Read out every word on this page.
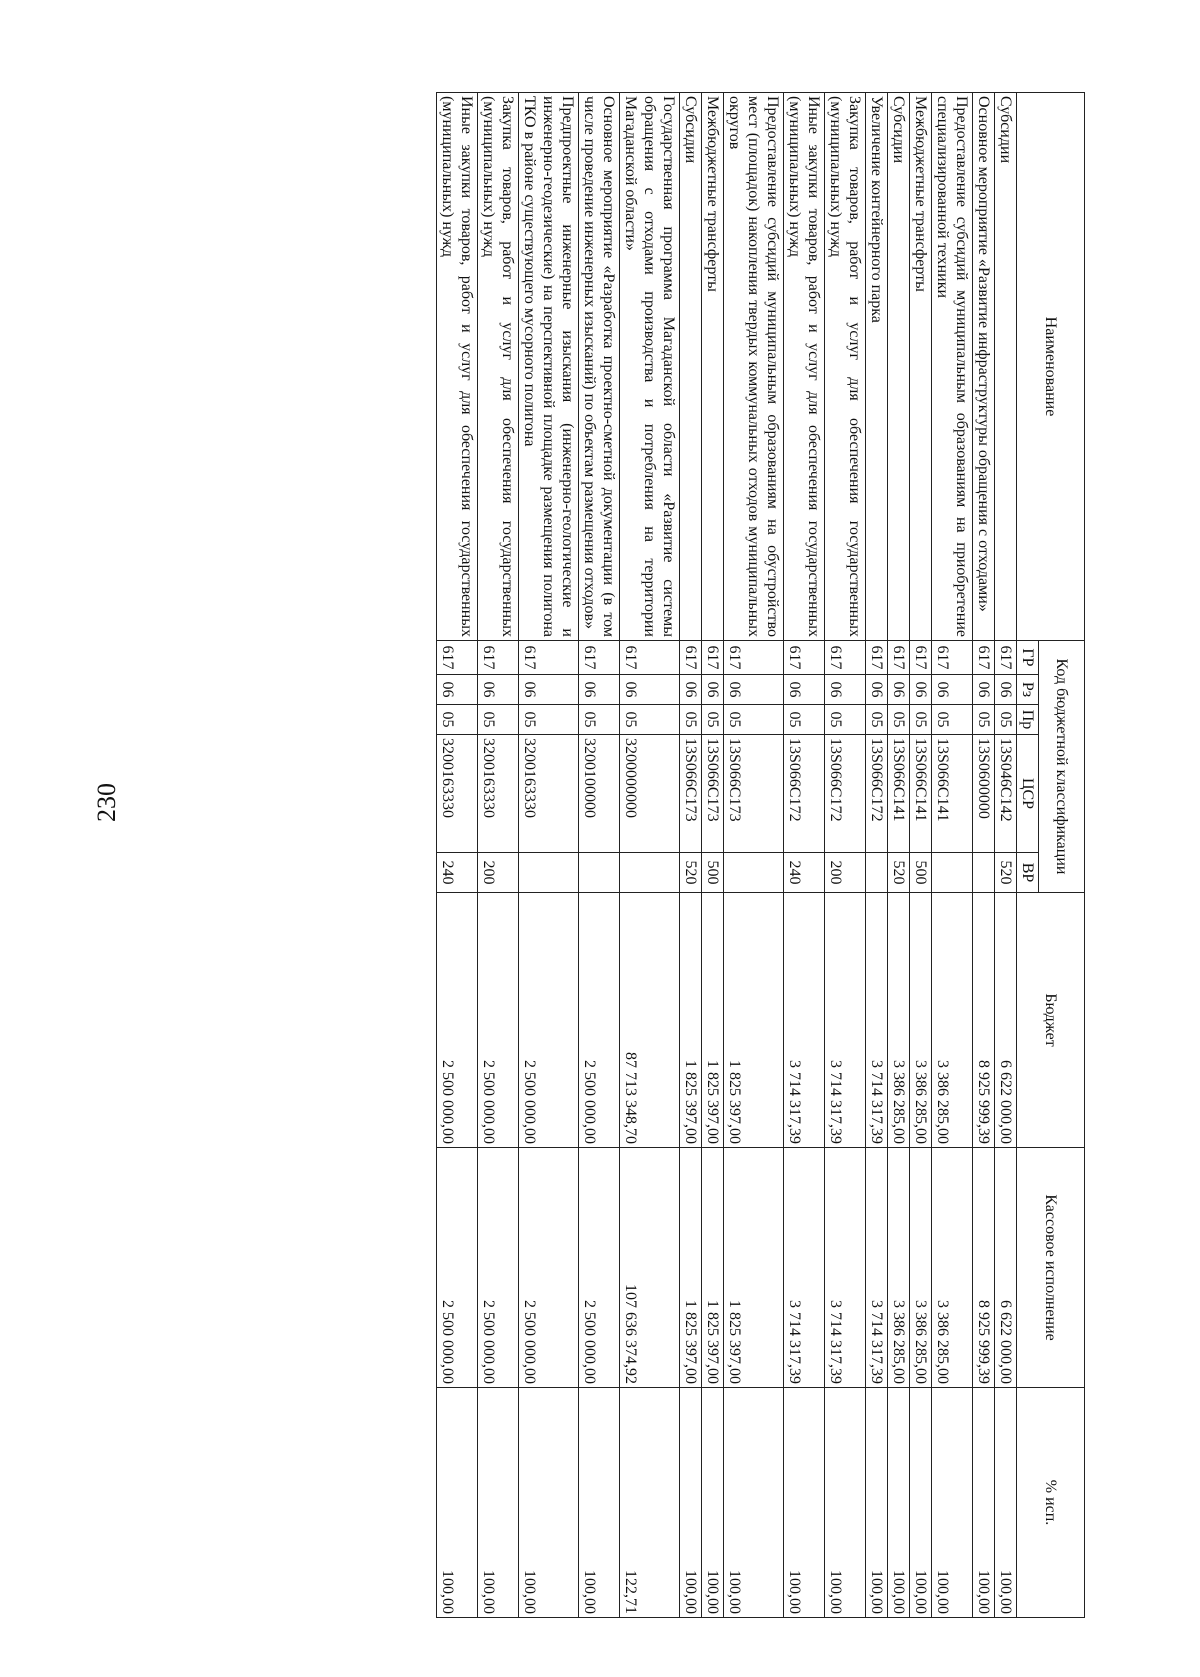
230
Наименование	Код бюджетной классификации					Бюджет	Кассовое исполнение	% исп.
	ГР	Рз	Пр	ЦСР	ВР			
Субсидии	617	06	05	13S046С142	520	6 622 000,00	6 622 000,00	100,00
Основное мероприятие «Развитие инфраструктуры обращения с отходами»	617	06	05	13S0600000		8 925 999,39	8 925 999,39	100,00
Предоставление субсидий муниципальным образованиям на приобретение специализированной техники	617	06	05	13S066С141		3 386 285,00	3 386 285,00	100,00
Межбюджетные трансферты	617	06	05	13S066С141	500	3 386 285,00	3 386 285,00	100,00
Субсидии	617	06	05	13S066С141	520	3 386 285,00	3 386 285,00	100,00
Увеличение контейнерного парка	617	06	05	13S066С172		3 714 317,39	3 714 317,39	100,00
Закупка товаров, работ и услуг для обеспечения государственных (муниципальных) нужд	617	06	05	13S066С172	200	3 714 317,39	3 714 317,39	100,00
Иные закупки товаров, работ и услуг для обеспечения государственных (муниципальных) нужд	617	06	05	13S066С172	240	3 714 317,39	3 714 317,39	100,00
Предоставление субсидий муниципальным образованиям на обустройство мест (площадок) накопления твердых коммунальных отходов муниципальных округов	617	06	05	13S066С173		1 825 397,00	1 825 397,00	100,00
Межбюджетные трансферты	617	06	05	13S066С173	500	1 825 397,00	1 825 397,00	100,00
Субсидии	617	06	05	13S066С173	520	1 825 397,00	1 825 397,00	100,00
Государственная программа Магаданской области «Развитие системы обращения с отходами производства и потребления на территории Магаданской области»	617	06	05	3200000000		87 713 348,70	107 636 374,92	122,71
Основное мероприятие «Разработка проектно-сметной документации (в том числе проведение инженерных изысканий) по объектам размещения отходов»	617	06	05	3200100000		2 500 000,00	2 500 000,00	100,00
Предпроектные инженерные изыскания (инженерно-геологические и инженерно-геодезические) на перспективной площадке размещения полигона ТКО в районе существующего мусорного полигона	617	06	05	3200163330		2 500 000,00	2 500 000,00	100,00
Закупка товаров, работ и услуг для обеспечения государственных (муниципальных) нужд	617	06	05	3200163330	200	2 500 000,00	2 500 000,00	100,00
Иные закупки товаров, работ и услуг для обеспечения государственных (муниципальных) нужд	617	06	05	3200163330	240	2 500 000,00	2 500 000,00	100,00
